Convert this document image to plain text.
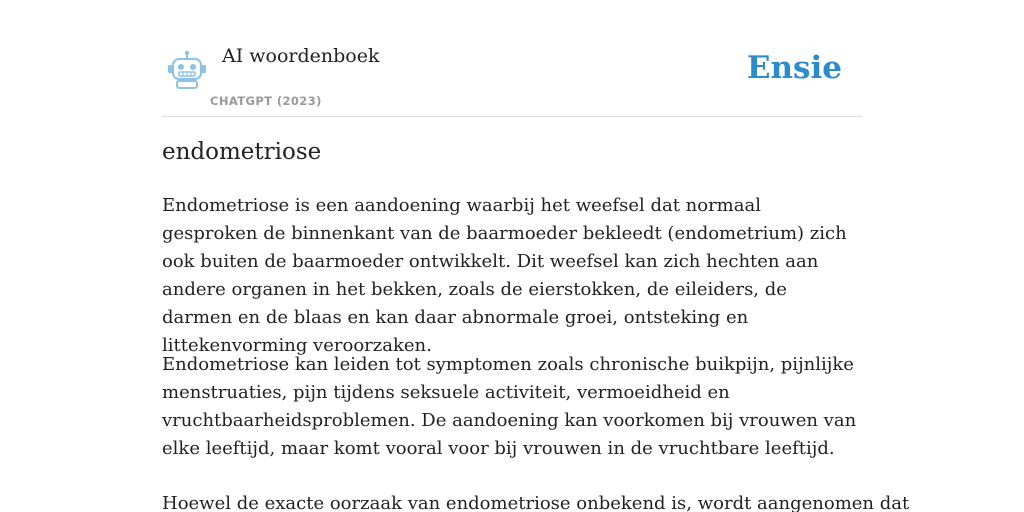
AI woordenboek
CHATGPT (2023)
Ensie
endometriose

Endometriose is een aandoening waarbij het weefsel dat normaal gesproken de binnenkant van de baarmoeder bekleedt (endometrium) zich ook buiten de baarmoeder ontwikkelt. Dit weefsel kan zich hechten aan andere organen in het bekken, zoals de eierstokken, de eileiders, de darmen en de blaas en kan daar abnormale groei, ontsteking en littekenvorming veroorzaken.

Endometriose kan leiden tot symptomen zoals chronische buikpijn, pijnlijke menstruaties, pijn tijdens seksuele activiteit, vermoeidheid en vruchtbaarheidsproblemen. De aandoening kan voorkomen bij vrouwen van elke leeftijd, maar komt vooral voor bij vrouwen in de vruchtbare leeftijd.

Hoewel de exacte oorzaak van endometriose onbekend is, wordt aangenomen dat
